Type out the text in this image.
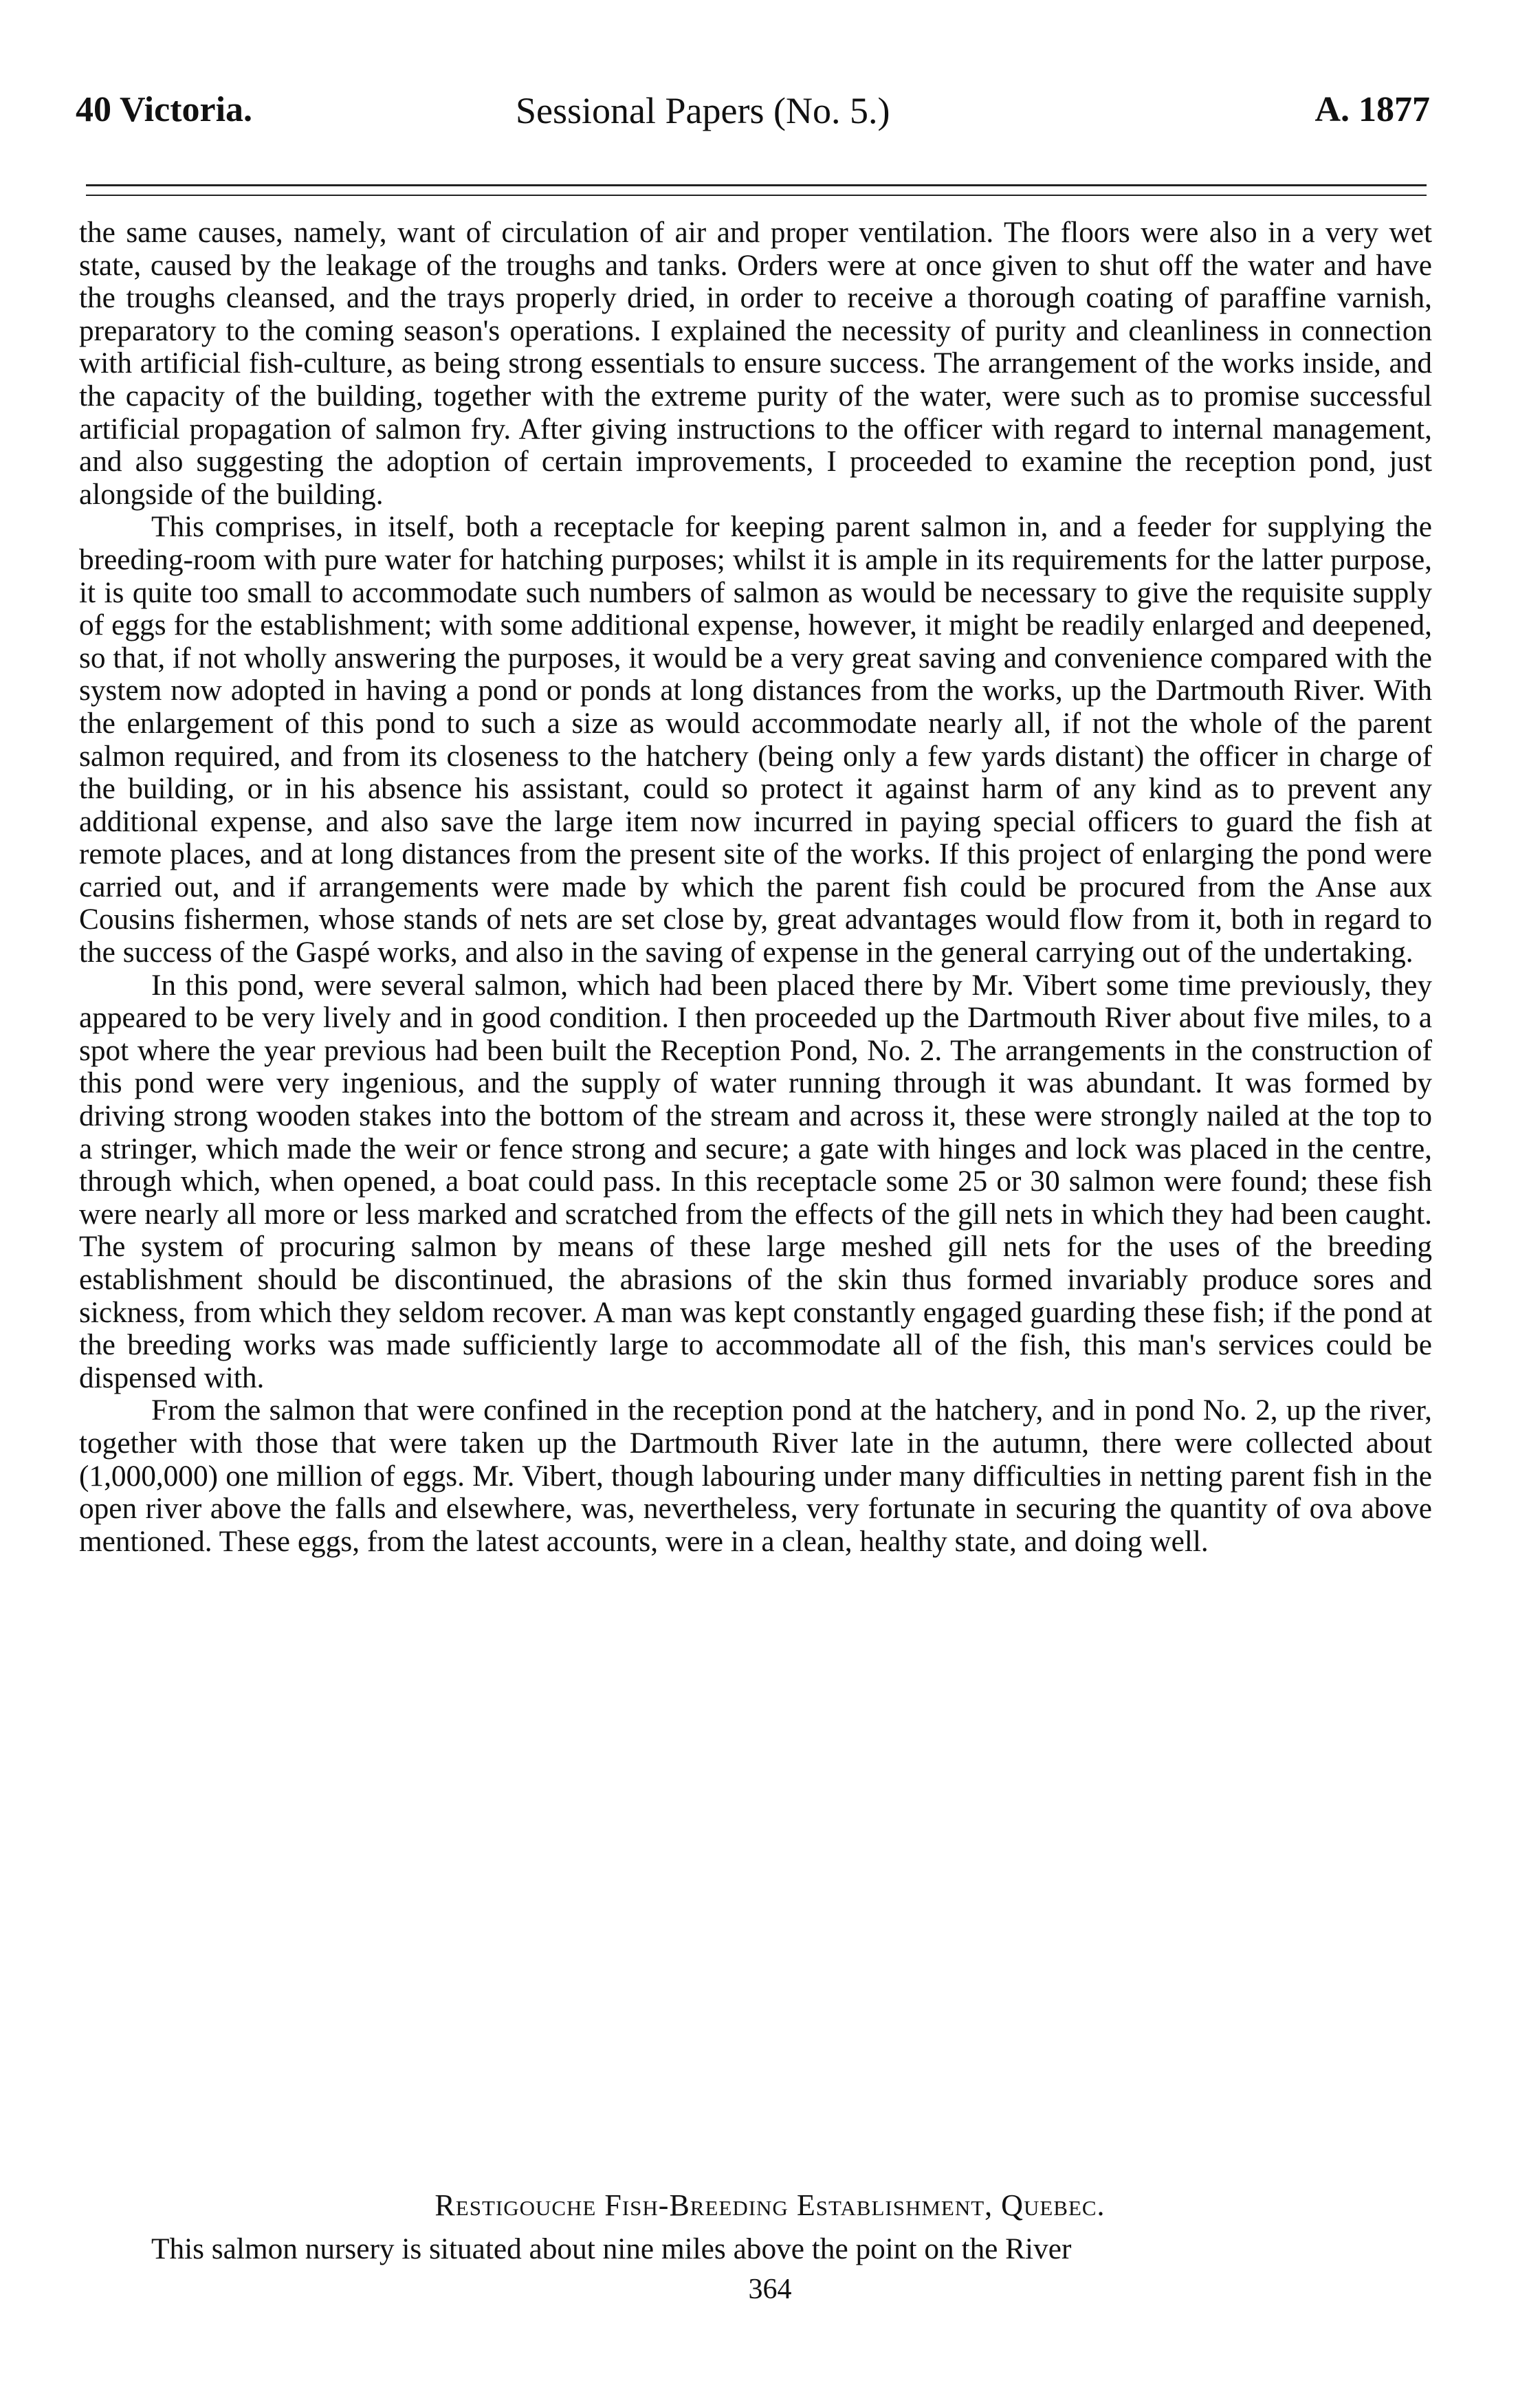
40 Victoria.	Sessional Papers (No. 5.)	A. 1877

the same causes, namely, want of circulation of air and proper ventilation. The floors were also in a very wet state, caused by the leakage of the troughs and tanks. Orders were at once given to shut off the water and have the troughs cleansed, and the trays properly dried, in order to receive a thorough coating of paraffine varnish, preparatory to the coming season's operations. I explained the necessity of purity and cleanliness in connection with artificial fish-culture, as being strong essentials to ensure success. The arrangement of the works inside, and the capacity of the building, together with the extreme purity of the water, were such as to promise successful artificial propagation of salmon fry. After giving instructions to the officer with regard to internal management, and also suggesting the adoption of certain improvements, I proceeded to examine the reception pond, just alongside of the building.

This comprises, in itself, both a receptacle for keeping parent salmon in, and a feeder for supplying the breeding-room with pure water for hatching purposes; whilst it is ample in its requirements for the latter purpose, it is quite too small to accommodate such numbers of salmon as would be necessary to give the requisite supply of eggs for the establishment; with some additional expense, however, it might be readily enlarged and deepened, so that, if not wholly answering the purposes, it would be a very great saving and convenience compared with the system now adopted in having a pond or ponds at long distances from the works, up the Dartmouth River. With the enlargement of this pond to such a size as would accommodate nearly all, if not the whole of the parent salmon required, and from its closeness to the hatchery (being only a few yards distant) the officer in charge of the building, or in his absence his assistant, could so protect it against harm of any kind as to prevent any additional expense, and also save the large item now incurred in paying special officers to guard the fish at remote places, and at long distances from the present site of the works. If this project of enlarging the pond were carried out, and if arrangements were made by which the parent fish could be procured from the Anse aux Cousins fishermen, whose stands of nets are set close by, great advantages would flow from it, both in regard to the success of the Gaspé works, and also in the saving of expense in the general carrying out of the undertaking.

In this pond, were several salmon, which had been placed there by Mr. Vibert some time previously, they appeared to be very lively and in good condition. I then proceeded up the Dartmouth River about five miles, to a spot where the year previous had been built the Reception Pond, No. 2. The arrangements in the construction of this pond were very ingenious, and the supply of water running through it was abundant. It was formed by driving strong wooden stakes into the bottom of the stream and across it, these were strongly nailed at the top to a stringer, which made the weir or fence strong and secure; a gate with hinges and lock was placed in the centre, through which, when opened, a boat could pass. In this receptacle some 25 or 30 salmon were found; these fish were nearly all more or less marked and scratched from the effects of the gill nets in which they had been caught. The system of procuring salmon by means of these large meshed gill nets for the uses of the breeding establishment should be discontinued, the abrasions of the skin thus formed invariably produce sores and sickness, from which they seldom recover. A man was kept constantly engaged guarding these fish; if the pond at the breeding works was made sufficiently large to accommodate all of the fish, this man's services could be dispensed with.

From the salmon that were confined in the reception pond at the hatchery, and in pond No. 2, up the river, together with those that were taken up the Dartmouth River late in the autumn, there were collected about (1,000,000) one million of eggs. Mr. Vibert, though labouring under many difficulties in netting parent fish in the open river above the falls and elsewhere, was, nevertheless, very fortunate in securing the quantity of ova above mentioned. These eggs, from the latest accounts, were in a clean, healthy state, and doing well.

Restigouche Fish-Breeding Establishment, Quebec.
This salmon nursery is situated about nine miles above the point on the River
364
